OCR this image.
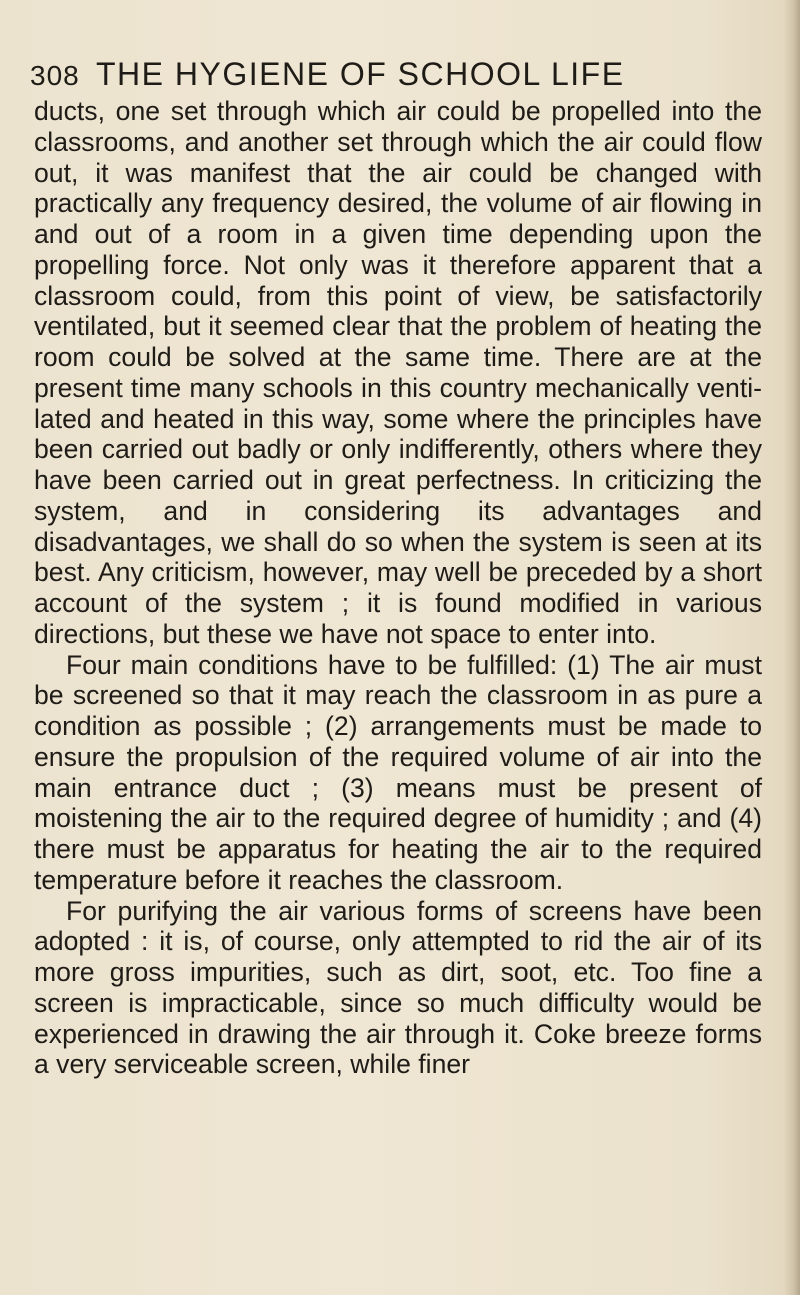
308 THE HYGIENE OF SCHOOL LIFE

ducts, one set through which air could be propelled into the classrooms, and another set through which the air could flow out, it was manifest that the air could be changed with practically any frequency desired, the volume of air flowing in and out of a room in a given time depending upon the propelling force. Not only was it therefore apparent that a classroom could, from this point of view, be satisfactorily ventilated, but it seemed clear that the problem of heating the room could be solved at the same time. There are at the present time many schools in this country mechanically venti- lated and heated in this way, some where the principles have been carried out badly or only indifferently, others where they have been carried out in great perfectness. In criticizing the system, and in considering its advantages and disadvantages, we shall do so when the system is seen at its best. Any criticism, however, may well be preceded by a short account of the system ; it is found modified in various directions, but these we have not space to enter into.

Four main conditions have to be fulfilled: (1) The air must be screened so that it may reach the classroom in as pure a condition as possible ; (2) arrangements must be made to ensure the propulsion of the required volume of air into the main entrance duct ; (3) means must be present of moistening the air to the required degree of humidity ; and (4) there must be apparatus for heating the air to the required temperature before it reaches the classroom.

For purifying the air various forms of screens have been adopted : it is, of course, only attempted to rid the air of its more gross impurities, such as dirt, soot, etc. Too fine a screen is impracticable, since so much difficulty would be experienced in drawing the air through it. Coke breeze forms a very serviceable screen, while finer
